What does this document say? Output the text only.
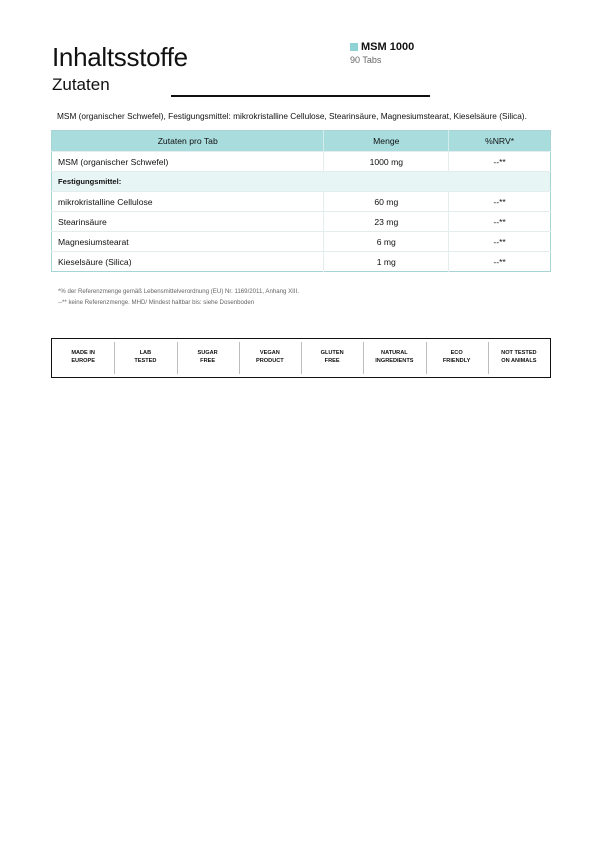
Inhaltsstoffe
Zutaten
MSM 1000
90 Tabs
MSM (organischer Schwefel), Festigungsmittel: mikrokristalline Cellulose, Stearinsäure, Magnesiumstearat, Kieselsäure (Silica).
Zutaten pro Tab	Menge	%NRV*
MSM (organischer Schwefel)	1000 mg	--**
Festigungsmittel:		
mikrokristalline Cellulose	60 mg	--**
Stearinsäure	23 mg	--**
Magnesiumstearat	6 mg	--**
Kieselsäure (Silica)	1 mg	--**
*% der Referenzmenge gemäß Lebensmittelverordnung (EU) Nr. 1169/2011, Anhang XIII.
--** keine Referenzmenge. MHD/ Mindest haltbar bis: siehe Dosenboden
MADE IN
EUROPE
LAB
TESTED
SUGAR
FREE
VEGAN
PRODUCT
GLUTEN
FREE
NATURAL
INGREDIENTS
ECO
FRIENDLY
NOT TESTED
ON ANIMALS
